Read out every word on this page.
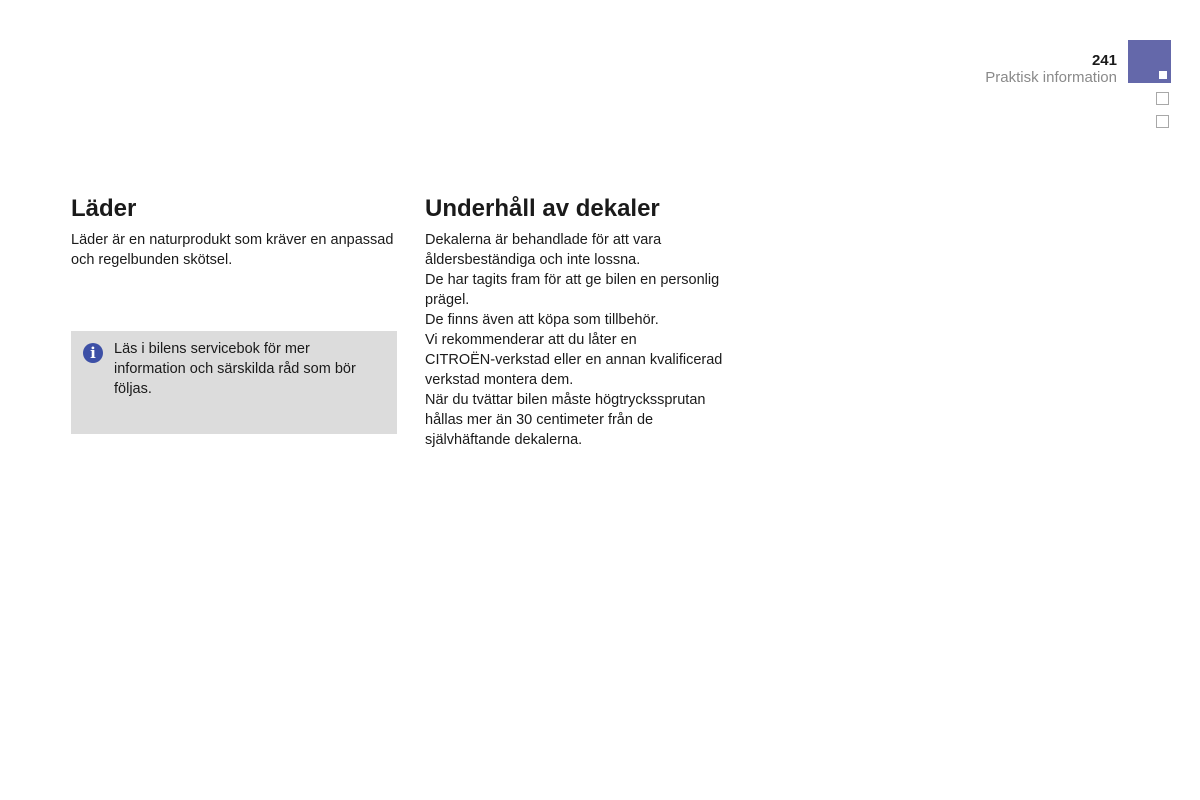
241
Praktisk information
Läder

Läder är en naturprodukt som kräver en anpassad och regelbunden skötsel.

i	Läs i bilens servicebok för mer information och särskilda råd som bör följas.

Underhåll av dekaler

Dekalerna är behandlade för att vara

åldersbeständiga och inte lossna.

De har tagits fram för att ge bilen en personlig

prägel.

De finns även att köpa som tillbehör.

Vi rekommenderar att du låter en

CITROËN-verkstad eller en annan kvalificerad

verkstad montera dem.

När du tvättar bilen måste högtryckssprutan

hållas mer än 30 centimeter från de

självhäftande dekalerna.
